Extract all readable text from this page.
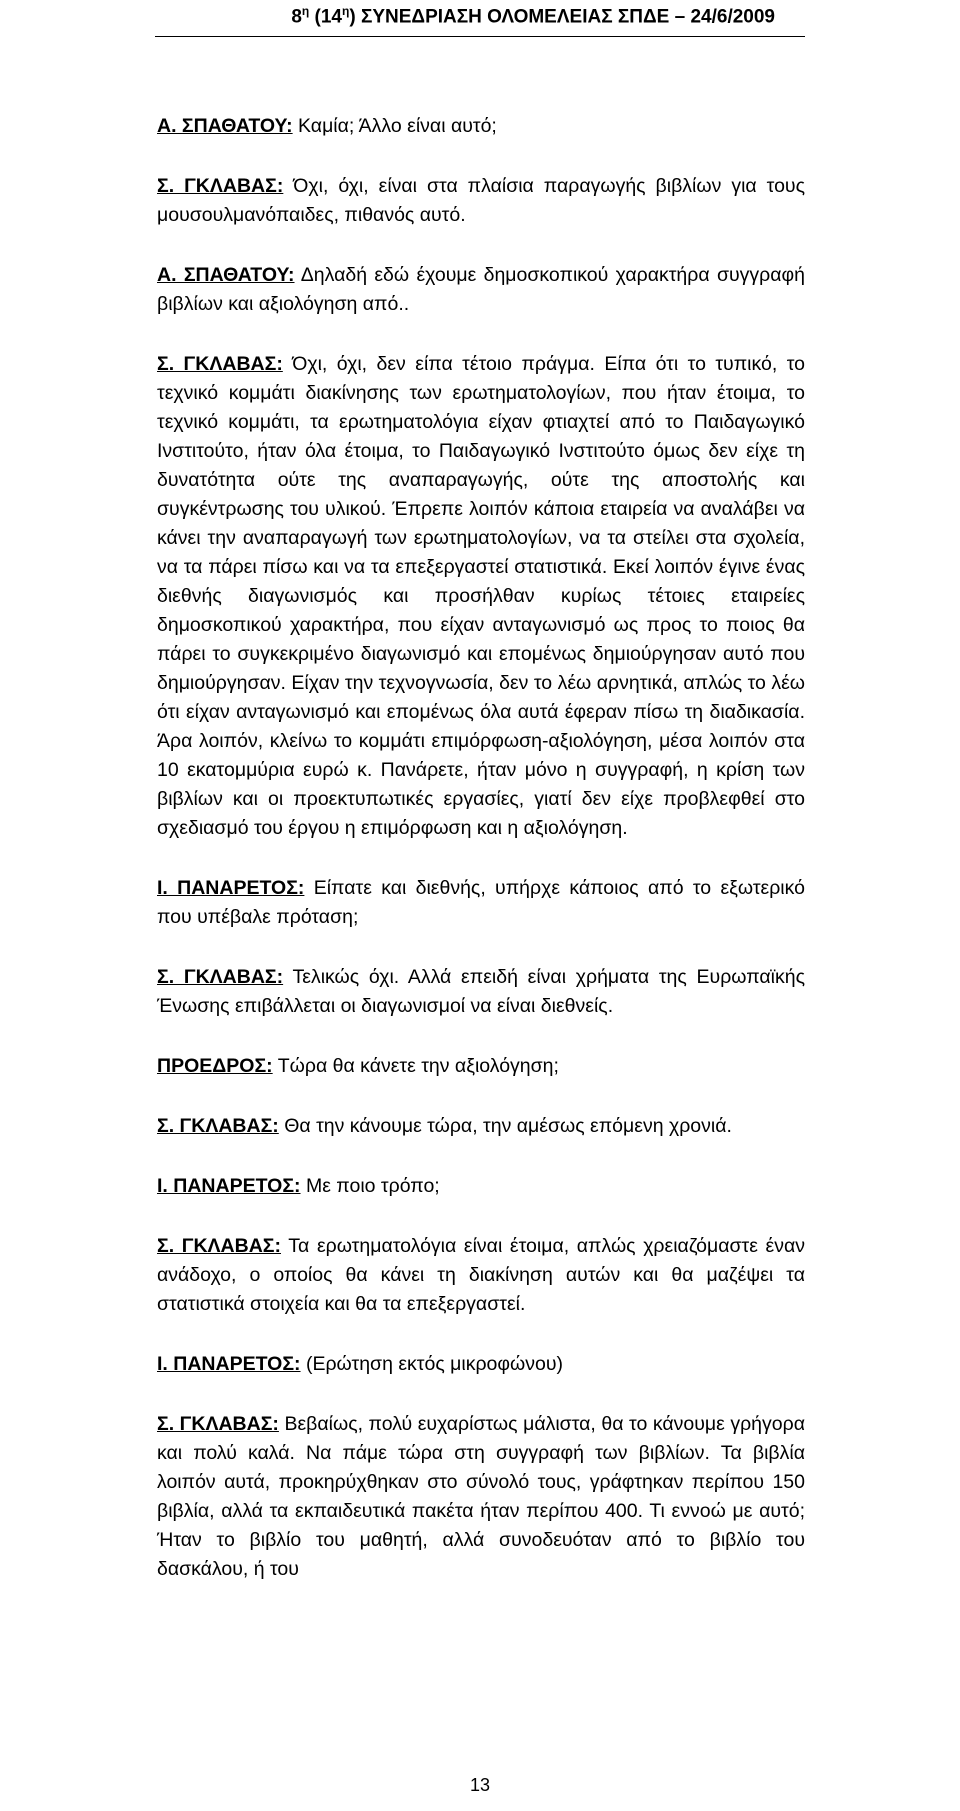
$8^\eta$ $(14^\eta)$ ΣΥΝΕΔΡΙΑΣΗ ΟΛΟΜΕΛΕΙΑΣ ΣΠΔΕ – 24/6/2009

Α. ΣΠΑΘΑΤΟΥ: Καμία; Άλλο είναι αυτό;

Σ. ΓΚΛΑΒΑΣ: Όχι, όχι, είναι στα πλαίσια παραγωγής βιβλίων για τους μουσουλμανόπαιδες, πιθανός αυτό.

Α. ΣΠΑΘΑΤΟΥ: Δηλαδή εδώ έχουμε δημοσκοπικού χαρακτήρα συγγραφή βιβλίων και αξιολόγηση από..

Σ. ΓΚΛΑΒΑΣ: Όχι, όχι, δεν είπα τέτοιο πράγμα. Είπα ότι το τυπικό, το τεχνικό κομμάτι διακίνησης των ερωτηματολογίων, που ήταν έτοιμα, το τεχνικό κομμάτι, τα ερωτηματολόγια είχαν φτιαχτεί από το Παιδαγωγικό Ινστιτούτο, ήταν όλα έτοιμα, το Παιδαγωγικό Ινστιτούτο όμως δεν είχε τη δυνατότητα ούτε της αναπαραγωγής, ούτε της αποστολής και συγκέντρωσης του υλικού. Έπρεπε λοιπόν κάποια εταιρεία να αναλάβει να κάνει την αναπαραγωγή των ερωτηματολογίων, να τα στείλει στα σχολεία, να τα πάρει πίσω και να τα επεξεργαστεί στατιστικά. Εκεί λοιπόν έγινε ένας διεθνής διαγωνισμός και προσήλθαν κυρίως τέτοιες εταιρείες δημοσκοπικού χαρακτήρα, που είχαν ανταγωνισμό ως προς το ποιος θα πάρει το συγκεκριμένο διαγωνισμό και επομένως δημιούργησαν αυτό που δημιούργησαν. Είχαν την τεχνογνωσία, δεν το λέω αρνητικά, απλώς το λέω ότι είχαν ανταγωνισμό και επομένως όλα αυτά έφεραν πίσω τη διαδικασία. Άρα λοιπόν, κλείνω το κομμάτι επιμόρφωση-αξιολόγηση, μέσα λοιπόν στα 10 εκατομμύρια ευρώ κ. Πανάρετε, ήταν μόνο η συγγραφή, η κρίση των βιβλίων και οι προεκτυπωτικές εργασίες, γιατί δεν είχε προβλεφθεί στο σχεδιασμό του έργου η επιμόρφωση και η αξιολόγηση.

Ι. ΠΑΝΑΡΕΤΟΣ: Είπατε και διεθνής, υπήρχε κάποιος από το εξωτερικό που υπέβαλε πρόταση;

Σ. ΓΚΛΑΒΑΣ: Τελικώς όχι. Αλλά επειδή είναι χρήματα της Ευρωπαϊκής Ένωσης επιβάλλεται οι διαγωνισμοί να είναι διεθνείς.

ΠΡΟΕΔΡΟΣ: Τώρα θα κάνετε την αξιολόγηση;

Σ. ΓΚΛΑΒΑΣ: Θα την κάνουμε τώρα, την αμέσως επόμενη χρονιά.

Ι. ΠΑΝΑΡΕΤΟΣ: Με ποιο τρόπο;

Σ. ΓΚΛΑΒΑΣ: Τα ερωτηματολόγια είναι έτοιμα, απλώς χρειαζόμαστε έναν ανάδοχο, ο οποίος θα κάνει τη διακίνηση αυτών και θα μαζέψει τα στατιστικά στοιχεία και θα τα επεξεργαστεί.

Ι. ΠΑΝΑΡΕΤΟΣ: (Ερώτηση εκτός μικροφώνου)

Σ. ΓΚΛΑΒΑΣ: Βεβαίως, πολύ ευχαρίστως μάλιστα, θα το κάνουμε γρήγορα και πολύ καλά. Να πάμε τώρα στη συγγραφή των βιβλίων. Τα βιβλία λοιπόν αυτά, προκηρύχθηκαν στο σύνολό τους, γράφτηκαν περίπου 150 βιβλία, αλλά τα εκπαιδευτικά πακέτα ήταν περίπου 400. Τι εννοώ με αυτό; Ήταν το βιβλίο του μαθητή, αλλά συνοδευόταν από το βιβλίο του δασκάλου, ή του

13
